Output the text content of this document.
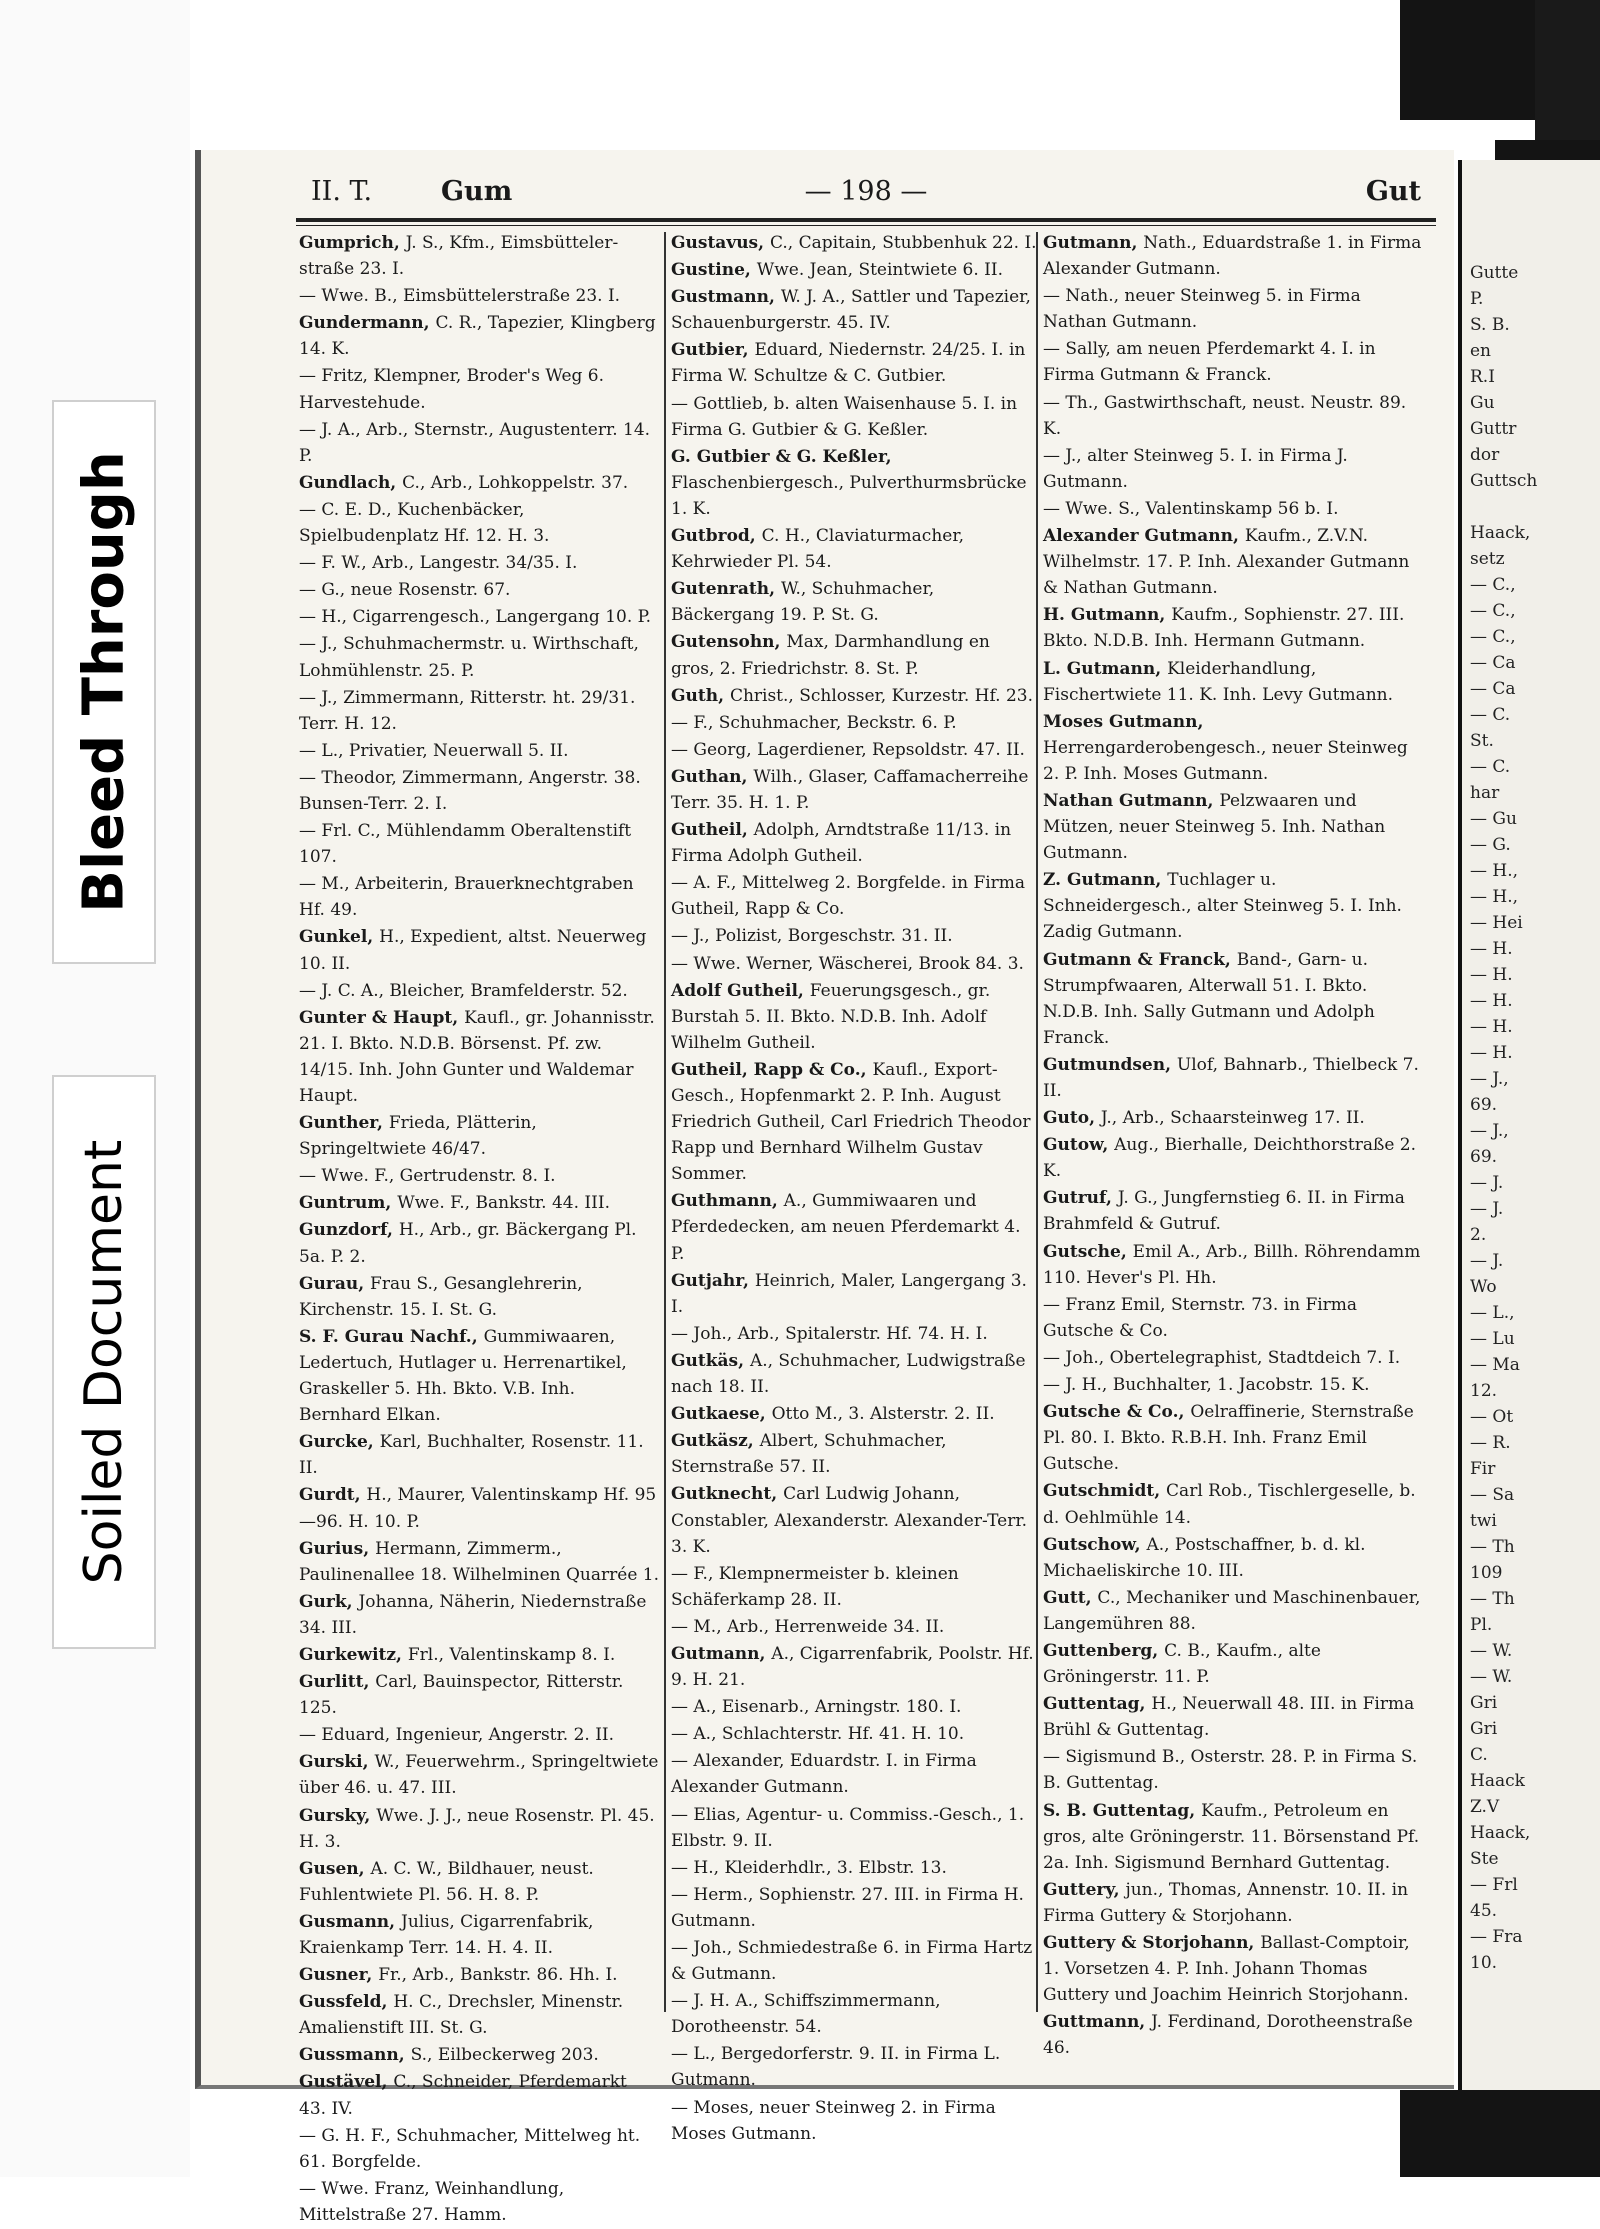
Bleed Through
Soiled Document
Gutte
P.
S. B.
en
R.I
Gu
Guttr
dor
Guttsch

Haack,
setz
— C.,
— C.,
— C.,
— Ca
— Ca
— C.
St.
— C.
har
— Gu
— G.
— H.,
— H.,
— Hei
— H.
— H.
— H.
— H.
— H.
— J.,
69.
— J.,
69.
— J.
— J.
2.
— J.
Wo
— L.,
— Lu
— Ma
12.
— Ot
— R.
Fir
— Sa
twi
— Th
109
— Th
Pl.
— W.
— W.
Gri
Gri
C.
Haack
Z.V
Haack,
Ste
— Frl
45.
— Fra
10.
II. T.	Gum	— 198 —	Gut
Gumprich, J. S., Kfm., Eimsbütteler-straße 23. I.
— Wwe. B., Eimsbüttelerstraße 23. I.
Gundermann, C. R., Tapezier, Klingberg 14. K.
— Fritz, Klempner, Broder's Weg 6. Harvestehude.
— J. A., Arb., Sternstr., Augustenterr. 14. P.
Gundlach, C., Arb., Lohkoppelstr. 37.
— C. E. D., Kuchenbäcker, Spielbudenplatz Hf. 12. H. 3.
— F. W., Arb., Langestr. 34/35. I.
— G., neue Rosenstr. 67.
— H., Cigarrengesch., Langergang 10. P.
— J., Schuhmachermstr. u. Wirthschaft, Lohmühlenstr. 25. P.
— J., Zimmermann, Ritterstr. ht. 29/31. Terr. H. 12.
— L., Privatier, Neuerwall 5. II.
— Theodor, Zimmermann, Angerstr. 38. Bunsen-Terr. 2. I.
— Frl. C., Mühlendamm Oberaltenstift 107.
— M., Arbeiterin, Brauerknechtgraben Hf. 49.
Gunkel, H., Expedient, altst. Neuerweg 10. II.
— J. C. A., Bleicher, Bramfelderstr. 52.
Gunter & Haupt, Kaufl., gr. Johannisstr. 21. I. Bkto. N.D.B. Börsenst. Pf. zw. 14/15. Inh. John Gunter und Waldemar Haupt.
Gunther, Frieda, Plätterin, Springeltwiete 46/47.
— Wwe. F., Gertrudenstr. 8. I.
Guntrum, Wwe. F., Bankstr. 44. III.
Gunzdorf, H., Arb., gr. Bäckergang Pl. 5a. P. 2.
Gurau, Frau S., Gesanglehrerin, Kirchenstr. 15. I. St. G.
S. F. Gurau Nachf., Gummiwaaren, Ledertuch, Hutlager u. Herrenartikel, Graskeller 5. Hh. Bkto. V.B. Inh. Bernhard Elkan.
Gurcke, Karl, Buchhalter, Rosenstr. 11. II.
Gurdt, H., Maurer, Valentinskamp Hf. 95—96. H. 10. P.
Gurius, Hermann, Zimmerm., Paulinenallee 18. Wilhelminen Quarrée 1.
Gurk, Johanna, Näherin, Niedernstraße 34. III.
Gurkewitz, Frl., Valentinskamp 8. I.
Gurlitt, Carl, Bauinspector, Ritterstr. 125.
— Eduard, Ingenieur, Angerstr. 2. II.
Gurski, W., Feuerwehrm., Springeltwiete über 46. u. 47. III.
Gursky, Wwe. J. J., neue Rosenstr. Pl. 45. H. 3.
Gusen, A. C. W., Bildhauer, neust. Fuhlentwiete Pl. 56. H. 8. P.
Gusmann, Julius, Cigarrenfabrik, Kraienkamp Terr. 14. H. 4. II.
Gusner, Fr., Arb., Bankstr. 86. Hh. I.
Gussfeld, H. C., Drechsler, Minenstr. Amalienstift III. St. G.
Gussmann, S., Eilbeckerweg 203.
Gustävel, C., Schneider, Pferdemarkt 43. IV.
— G. H. F., Schuhmacher, Mittelweg ht. 61. Borgfelde.
— Wwe. Franz, Weinhandlung, Mittelstraße 27. Hamm.
Gustavus, C., Capitain, Stubbenhuk 22. I.
Gustine, Wwe. Jean, Steintwiete 6. II.
Gustmann, W. J. A., Sattler und Tapezier, Schauenburgerstr. 45. IV.
Gutbier, Eduard, Niedernstr. 24/25. I. in Firma W. Schultze & C. Gutbier.
— Gottlieb, b. alten Waisenhause 5. I. in Firma G. Gutbier & G. Keßler.
G. Gutbier & G. Keßler, Flaschenbiergesch., Pulverthurmsbrücke 1. K.
Gutbrod, C. H., Claviaturmacher, Kehrwieder Pl. 54.
Gutenrath, W., Schuhmacher, Bäckergang 19. P. St. G.
Gutensohn, Max, Darmhandlung en gros, 2. Friedrichstr. 8. St. P.
Guth, Christ., Schlosser, Kurzestr. Hf. 23.
— F., Schuhmacher, Beckstr. 6. P.
— Georg, Lagerdiener, Repsoldstr. 47. II.
Guthan, Wilh., Glaser, Caffamacherreihe Terr. 35. H. 1. P.
Gutheil, Adolph, Arndtstraße 11/13. in Firma Adolph Gutheil.
— A. F., Mittelweg 2. Borgfelde. in Firma Gutheil, Rapp & Co.
— J., Polizist, Borgeschstr. 31. II.
— Wwe. Werner, Wäscherei, Brook 84. 3.
Adolf Gutheil, Feuerungsgesch., gr. Burstah 5. II. Bkto. N.D.B. Inh. Adolf Wilhelm Gutheil.
Gutheil, Rapp & Co., Kaufl., Export-Gesch., Hopfenmarkt 2. P. Inh. August Friedrich Gutheil, Carl Friedrich Theodor Rapp und Bernhard Wilhelm Gustav Sommer.
Guthmann, A., Gummiwaaren und Pferdedecken, am neuen Pferdemarkt 4. P.
Gutjahr, Heinrich, Maler, Langergang 3. I.
— Joh., Arb., Spitalerstr. Hf. 74. H. I.
Gutkäs, A., Schuhmacher, Ludwigstraße nach 18. II.
Gutkaese, Otto M., 3. Alsterstr. 2. II.
Gutkäsz, Albert, Schuhmacher, Sternstraße 57. II.
Gutknecht, Carl Ludwig Johann, Constabler, Alexanderstr. Alexander-Terr. 3. K.
— F., Klempnermeister b. kleinen Schäferkamp 28. II.
— M., Arb., Herrenweide 34. II.
Gutmann, A., Cigarrenfabrik, Poolstr. Hf. 9. H. 21.
— A., Eisenarb., Arningstr. 180. I.
— A., Schlachterstr. Hf. 41. H. 10.
— Alexander, Eduardstr. I. in Firma Alexander Gutmann.
— Elias, Agentur- u. Commiss.-Gesch., 1. Elbstr. 9. II.
— H., Kleiderhdlr., 3. Elbstr. 13.
— Herm., Sophienstr. 27. III. in Firma H. Gutmann.
— Joh., Schmiedestraße 6. in Firma Hartz & Gutmann.
— J. H. A., Schiffszimmermann, Dorotheenstr. 54.
— L., Bergedorferstr. 9. II. in Firma L. Gutmann.
— Moses, neuer Steinweg 2. in Firma Moses Gutmann.
Gutmann, Nath., Eduardstraße 1. in Firma Alexander Gutmann.
— Nath., neuer Steinweg 5. in Firma Nathan Gutmann.
— Sally, am neuen Pferdemarkt 4. I. in Firma Gutmann & Franck.
— Th., Gastwirthschaft, neust. Neustr. 89. K.
— J., alter Steinweg 5. I. in Firma J. Gutmann.
— Wwe. S., Valentinskamp 56 b. I.
Alexander Gutmann, Kaufm., Z.V.N. Wilhelmstr. 17. P. Inh. Alexander Gutmann & Nathan Gutmann.
H. Gutmann, Kaufm., Sophienstr. 27. III. Bkto. N.D.B. Inh. Hermann Gutmann.
L. Gutmann, Kleiderhandlung, Fischertwiete 11. K. Inh. Levy Gutmann.
Moses Gutmann, Herrengarderobengesch., neuer Steinweg 2. P. Inh. Moses Gutmann.
Nathan Gutmann, Pelzwaaren und Mützen, neuer Steinweg 5. Inh. Nathan Gutmann.
Z. Gutmann, Tuchlager u. Schneidergesch., alter Steinweg 5. I. Inh. Zadig Gutmann.
Gutmann & Franck, Band-, Garn- u. Strumpfwaaren, Alterwall 51. I. Bkto. N.D.B. Inh. Sally Gutmann und Adolph Franck.
Gutmundsen, Ulof, Bahnarb., Thielbeck 7. II.
Guto, J., Arb., Schaarsteinweg 17. II.
Gutow, Aug., Bierhalle, Deichthorstraße 2. K.
Gutruf, J. G., Jungfernstieg 6. II. in Firma Brahmfeld & Gutruf.
Gutsche, Emil A., Arb., Billh. Röhrendamm 110. Hever's Pl. Hh.
— Franz Emil, Sternstr. 73. in Firma Gutsche & Co.
— Joh., Obertelegraphist, Stadtdeich 7. I.
— J. H., Buchhalter, 1. Jacobstr. 15. K.
Gutsche & Co., Oelraffinerie, Sternstraße Pl. 80. I. Bkto. R.B.H. Inh. Franz Emil Gutsche.
Gutschmidt, Carl Rob., Tischlergeselle, b. d. Oehlmühle 14.
Gutschow, A., Postschaffner, b. d. kl. Michaeliskirche 10. III.
Gutt, C., Mechaniker und Maschinenbauer, Langemühren 88.
Guttenberg, C. B., Kaufm., alte Gröningerstr. 11. P.
Guttentag, H., Neuerwall 48. III. in Firma Brühl & Guttentag.
— Sigismund B., Osterstr. 28. P. in Firma S. B. Guttentag.
S. B. Guttentag, Kaufm., Petroleum en gros, alte Gröningerstr. 11. Börsenstand Pf. 2a. Inh. Sigismund Bernhard Guttentag.
Guttery, jun., Thomas, Annenstr. 10. II. in Firma Guttery & Storjohann.
Guttery & Storjohann, Ballast-Comptoir, 1. Vorsetzen 4. P. Inh. Johann Thomas Guttery und Joachim Heinrich Storjohann.
Guttmann, J. Ferdinand, Dorotheenstraße 46.
